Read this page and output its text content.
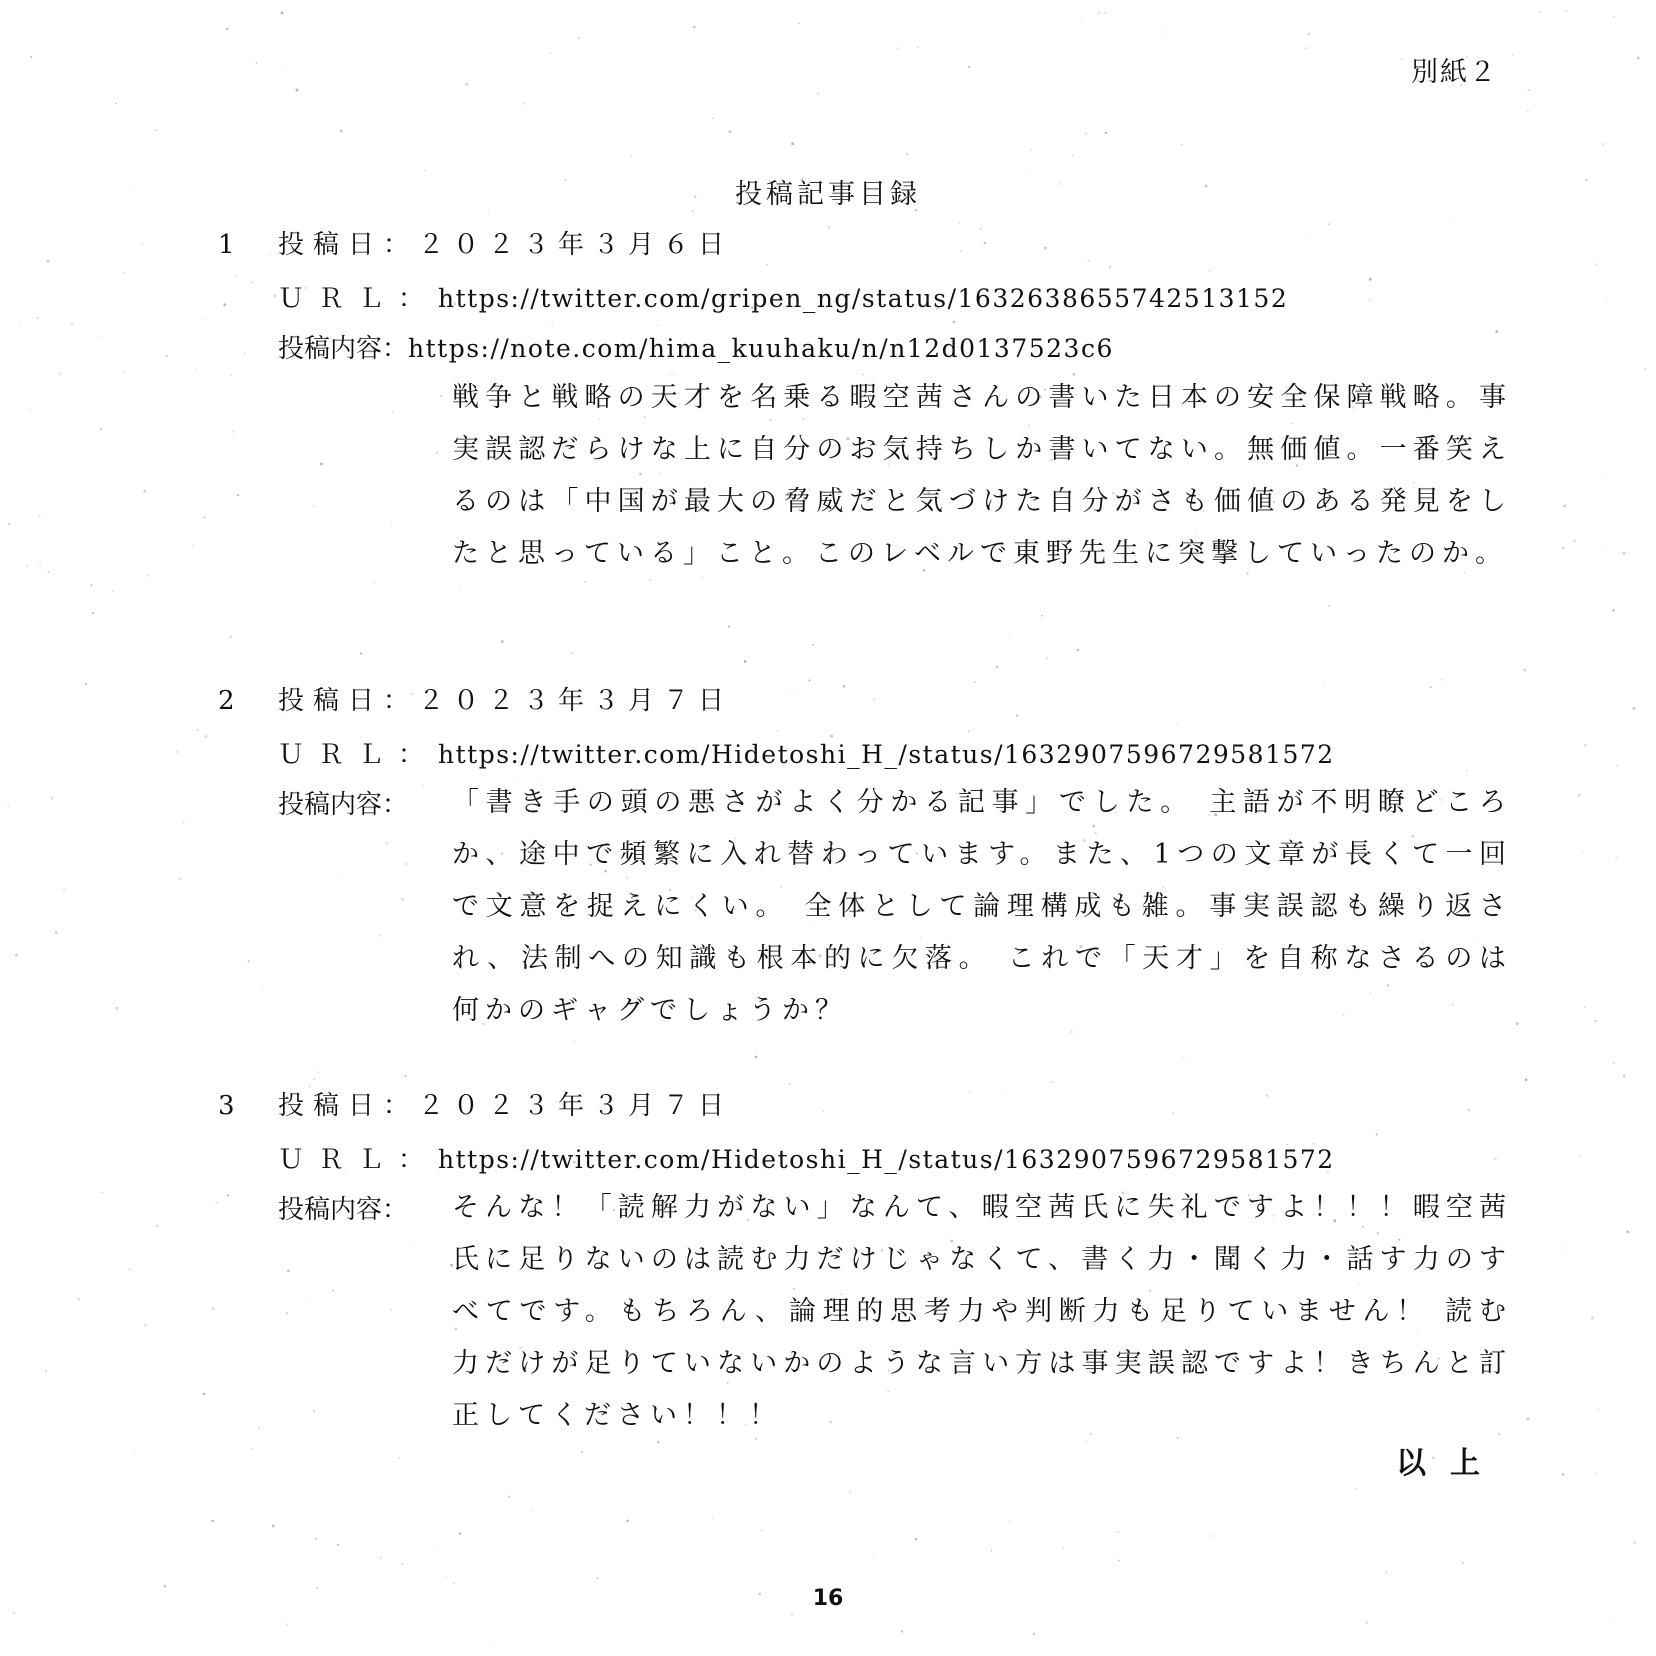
別紙２
投稿記事目録
1 投稿日：２０２３年３月６日
ＵＲＬ：https://twitter.com/gripen_ng/status/1632638655742513152
投稿内容：https://note.com/hima_kuuhaku/n/n12d0137523c6
戦争と戦略の天才を名乗る暇空茜さんの書いた日本の安全保障戦略。事実誤認だらけな上に自分のお気持ちしか書いてない。無価値。一番笑えるのは「中国が最大の脅威だと気づけた自分がさも価値のある発見をしたと思っている」こと。このレベルで東野先生に突撃していったのか。
2 投稿日：２０２３年３月７日
ＵＲＬ：https://twitter.com/Hidetoshi_H_/status/1632907596729581572
投稿内容： 「書き手の頭の悪さがよく分かる記事」でした。 主語が不明瞭どころか、途中で頻繁に入れ替わっています。また、1つの文章が長くて一回で文意を捉えにくい。 全体として論理構成も雑。事実誤認も繰り返され、法制への知識も根本的に欠落。 これで「天才」を自称なさるのは何かのギャグでしょうか？
3 投稿日：２０２３年３月７日
ＵＲＬ：https://twitter.com/Hidetoshi_H_/status/1632907596729581572
投稿内容： そんな！「読解力がない」なんて、暇空茜氏に失礼ですよ！！！暇空茜氏に足りないのは読む力だけじゃなくて、書く力・聞く力・話す力のすべてです。もちろん、論理的思考力や判断力も足りていません！ 読む力だけが足りていないかのような言い方は事実誤認ですよ！きちんと訂正してください！！！
以上
16
